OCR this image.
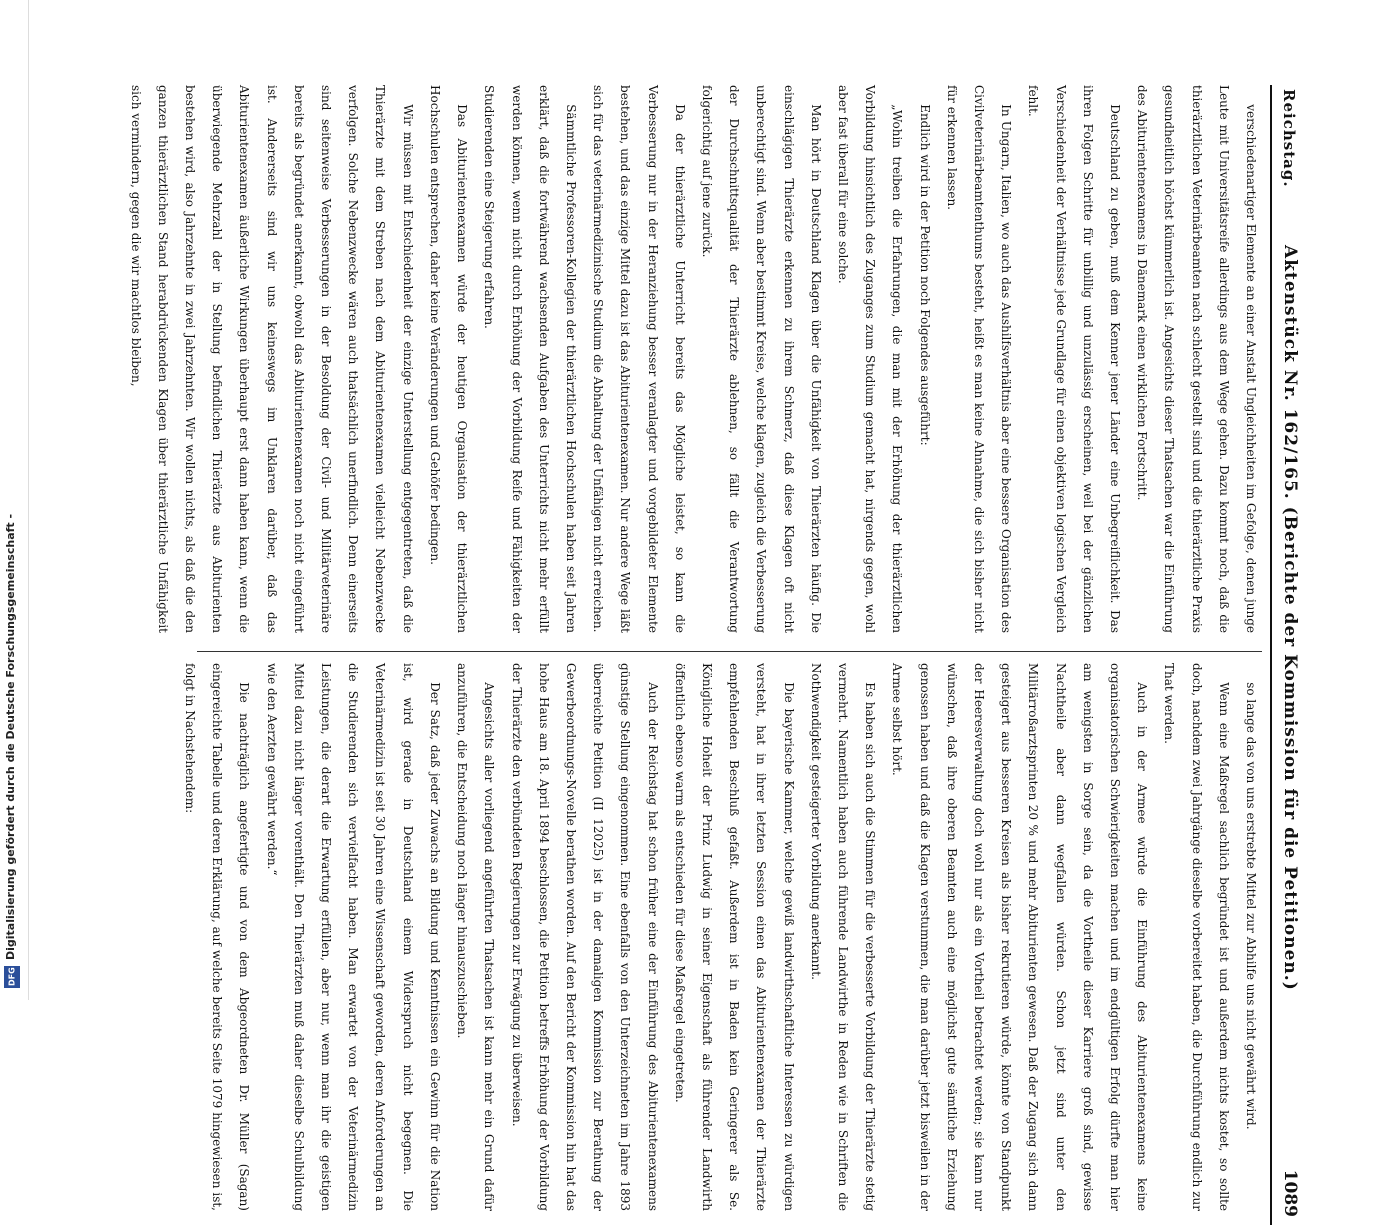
Digitalisierung gefördert durch die Deutsche Forschungsgemeinschaft -
DFG
Reichstag.
Aktenstück Nr. 162/165. (Berichte der Kommission für die Petitionen.)
1089

verschiedenartiger Elemente an einer Anstalt Ungleichheiten im Gefolge, denen junge Leute mit Universitätsreife allerdings aus dem Wege gehen. Dazu kommt noch, daß die thierärztlichen Veterinärbeamten nach schlecht gestellt sind und die thierärztliche Praxis gesundheitlich höchst kümmerlich ist. Angesichts dieser Thatsachen war die Einführung des Abiturientenexamens in Dänemark einen wirklichen Fortschritt.

Deutschland zu geben, muß dem Kenner jener Länder eine Unbegreiflichkeit. Das ihren Folgen Schritte für unbillig und unzulässig erscheinen, weil bei der gänzlichen Verschiedenheit der Verhältnisse jede Grundlage für einen objektiven logischen Vergleich fehlt.

In Ungarn, Italien, wo auch das Aushilfsverhältnis aber eine bessere Organisation des Civilveterinärbeamtenthums besteht, heißt es man keine Ahnahme, die sich bisher nicht für erkennen lassen.

Endlich wird in der Petition noch Folgendes ausgeführt:

„Wohin treiben die Erfahrungen, die man mit der Erhöhung der thierärztlichen Vorbildung hinsichtlich des Zuganges zum Studium gemacht hat, nirgends gegen, wohl aber fast überall für eine solche.

Man hört in Deutschland Klagen über die Unfähigkeit von Thierärzten häufig. Die einschlägigen Thierärzte erkennen zu ihrem Schmerz, daß diese Klagen oft nicht unberechtigt sind. Wenn aber bestimmt Kreise, welche klagen, zugleich die Verbesserung der Durchschnittsqualität der Thierärzte ablehnen, so fällt die Verantwortung folgerichtig auf jene zurück.

Da der thierärztliche Unterricht bereits das Mögliche leistet, so kann die Verbesserung nur in der Heranziehung besser veranlagter und vorgebildeter Elemente bestehen, und das einzige Mittel dazu ist das Abiturientenexamen. Nur andere Wege läßt sich für das veterinärmedizinische Studium die Abhaltung der Unfähigen nicht erreichen.

Sämmtliche Professoren-Kollegien der thierärztlichen Hochschulen haben seit Jahren erklärt, daß die fortwährend wachsenden Aufgaben des Unterrichts nicht mehr erfüllt werden können, wenn nicht durch Erhöhung der Vorbildung Reife und Fähigkeiten der Studierenden eine Steigerung erfahren.

Das Abiturientenexamen würde der heutigen Organisation der thierärztlichen Hochschulen entsprechen, daher keine Veränderungen und Gehöfer bedingen.

Wir müssen mit Entschiedenheit der einzige Unterstellung entgegentreten, daß die Thierärzte mit dem Streben nach dem Abiturientenexamen vielleicht Nebenzwecke verfolgen. Solche Nebenzwecke wären auch thatsächlich unerfindlich. Denn einerseits sind seitenweise Verbesserungen in der Besoldung der Civil- und Militärveterinäre bereits als begründet anerkannt, obwohl das Abiturientenexamen noch nicht eingeführt ist. Andererseits sind wir uns keineswegs im Unklaren darüber, daß das Abiturientenexamen äußerliche Wirkungen überhaupt erst dann haben kann, wenn die überwiegende Mehrzahl der in Stellung befindlichen Thierärzte aus Abiturienten bestehen wird, also Jahrzehnte in zwei Jahrzehnten. Wir wollen nichts, als daß die den ganzen thierärztlichen Stand herabdrückenden Klagen über thierärztliche Unfähigkeit sich vermindern, gegen die wir machtlos bleiben,

so lange das von uns erstrebte Mittel zur Abhilfe uns nicht gewährt wird.

Wenn eine Maßregel sachlich begründet ist und außerdem nichts kostet, so sollte doch, nachdem zwei Jahrgänge dieselbe vorbereitet haben, die Durchführung endlich zur That werden.

Auch in der Armee würde die Einführung des Abiturientenexamens keine organisatorischen Schwierigkeiten machen und im endgültigen Erfolg dürfte man hier am wenigsten in Sorge sein, da die Vortheile dieser Karriere groß sind, gewisse Nachtheile aber dann wegfallen würden. Schon jetzt sind unter den Militärroßarztsprinten 20 % und mehr Abiturienten gewesen. Daß der Zugang sich dann gesteigert aus besseren Kreisen als bisher rekrutieren würde, könnte von Standpunkt der Heeresverwaltung doch wohl nur als ein Vortheil betrachtet werden; sie kann nur wünschen, daß ihre oberen Beamten auch eine möglichst gute sämtliche Erziehung genossen haben und daß die Klagen verstummen, die man darüber jetzt bisweilen in der Armee selbst hört.

Es haben sich auch die Stimmen für die verbesserte Vorbildung der Thierärzte stetig vermehrt. Namentlich haben auch führende Landwirthe in Reden wie in Schriften die Nothwendigkeit gesteigerter Vorbildung anerkannt.

Die bayerische Kammer, welche gewiß landwirthschaftliche Interessen zu würdigen versteht, hat in ihrer letzten Session einen das Abiturientenexamen der Thierärzte empfehlenden Beschluß gefaßt. Außerdem ist in Baden kein Geringerer als Se. Königliche Hoheit der Prinz Ludwig in seiner Eigenschaft als führender Landwirth öffentlich ebenso warm als entschieden für diese Maßregel eingetreten.

Auch der Reichstag hat schon früher eine der Einführung des Abiturientenexamens günstige Stellung eingenommen. Eine ebenfalls von den Unterzeichneten im Jahre 1893 überreichte Petition (II 12025) ist in der damaligen Kommission zur Berathung der Gewerbeordnungs-Novelle berathen worden. Auf den Bericht der Kommission hin hat das hohe Haus am 18. April 1894 beschlossen, die Petition betreffs Erhöhung der Vorbildung der Thierärzte den verbündeten Regierungen zur Erwägung zu überweisen.

Angesichts aller vorliegend angeführten Thatsachen ist kann mehr ein Grund dafür anzuführen, die Entscheidung noch länger hinauszuschieben.

Der Satz, daß jeder Zuwachs an Bildung und Kenntnissen ein Gewinn für die Nation ist, wird gerade in Deutschland einem Widerspruch nicht begegnen. Die Veterinärmedizin ist seit 30 Jahren eine Wissenschaft geworden, deren Anforderungen an die Studierenden sich vervielfacht haben. Man erwartet von der Veterinärmedizin Leistungen, die derart die Erwartung erfüllen, aber nur, wenn man ihr die geistigen Mittel dazu nicht länger vorenthält. Den Thierärzten muß daher dieselbe Schulbildung wie den Aerzten gewährt werden.“

Die nachträglich angefertigte und von dem Abgeordneten Dr. Müller (Sagan) eingereichte Tabelle und deren Erklärung, auf welche bereits Seite 1079 hingewiesen ist, folgt in Nachstehendem:
